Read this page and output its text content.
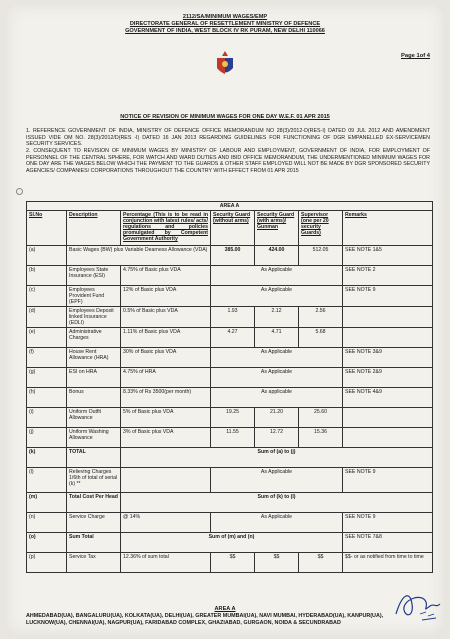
2112/SA/MINIMUM WAGES/EMP
DIRECTORATE GENERAL OF RESETTLEMENT MINISTRY OF DEFENCE
GOVERNMENT OF INDIA, WEST BLOCK IV RK PURAM, NEW DELHI 110066
Page 1of 4
NOTICE OF REVISION OF MINIMUM WAGES FOR ONE DAY W.E.F. 01 APR 2015
1. REFERENCE GOVERNMENT OF INDIA, MINISTRY OF DEFENCE OFFICE MEMORANDUM NO 28(3)/2012-D(RES-I) DATED 09 JUL 2012 AND AMENDMENT ISSUED VIDE OM NO. 28(3)/2012/D(RES -I) DATED 16 JAN 2013 REGARDING GUIDELINES FOR FUNCTIONING OF DGR EMPANELLED EX-SERVICEMEN SECURITY SERVICES.
2. CONSEQUENT TO REVISION OF MINIMUM WAGES BY MINISTRY OF LABOUR AND EMPLOYMENT, GOVERNMENT OF INDIA, FOR EMPLOYMENT OF PERSONNEL OF THE CENTRAL SPHERE, FOR WATCH AND WARD DUTIES AND IBID OFFICE MEMORANDUM, THE UNDERMENTIONED MINIMUM WAGES FOR ONE DAY ARE THE WAGES BELOW WHICH THE PAYMENT TO THE GUARDS & OTHER STAFF EMPLOYED WILL NOT BE MADE BY DGR SPONSORED SECURITY AGENCIES/ COMPANIES/ CORPORATIONS THROUGHOUT THE COUNTRY WITH EFFECT FROM 01 APR 2015
AREA A						
Sl.No	Description	Percentage (This is to be read in conjunction with latest rules/ acts/ regulations and policies promulgated by Competent Government Authority	Security Guard (without arms)	Security Guard (with arms)/ Gunman	Supervisor (one per 20 security Guards)	Remarks
(a)	Basic Wages (BW) plus Variable Dearness Allowance (VDA)		385.00	424.00	512.05	SEE NOTE 1&5
(b)	Employees State Insurance (ESI)	4.75% of Basic plus VDA	As Applicable			SEE NOTE 2
(c)	Employees Provident Fund (EPF)	12% of Basic plus VDA	As Applicable			SEE NOTE 9
(d)	Employees Deposit linked Insurance (EDLI)	0.5% of Basic plus VDA	1.93	2.12	2.56	
(e)	Administrative Charges	1.11% of Basic plus VDA	4.27	4.71	5.68	
(f)	House Rent Allowance (HRA)	30% of Basic plus VDA	As Applicable			SEE NOTE 3&9
(g)	ESI on HRA	4.75% of HRA	As Applicable			SEE NOTE 2&9
(h)	Bonus	8.33% of Rs 3500(per month)	As applicable			SEE NOTE 4&9
(i)	Uniform Outfit Allowance	5% of Basic plus VDA	19.25	21.20	25.60	
(j)	Uniform Washing Allowance	3% of Basic plus VDA	11.55	12.72	15.36	
(k)	TOTAL	Sum of (a) to (j)				
(l)	Relieving Charges 1/6th of total of serial (k) **		As Applicable			SEE NOTE 9
(m)	Total Cost Per Head	Sum of (k) to (l)				
(n)	Service Charge	@ 14%	As Applicable			SEE NOTE 9
(o)	Sum Total	Sum of (m) and (n)				SEE NOTE 7&8
(p)	Service Tax	12.36% of sum total	$$	$$	$$	$$- or as notified from time to time
AREA A
AHMEDABAD(UA), BANGALURU(UA), KOLKATA(UA), DELHI(UA), GREATER MUMBAI(UA), NAVI MUMBAI, HYDERABAD(UA), KANPUR(UA), LUCKNOW(UA), CHENNAI(UA), NAGPUR(UA), FARIDABAD COMPLEX, GHAZIABAD, GURGAON, NOIDA & SECUNDRABAD
